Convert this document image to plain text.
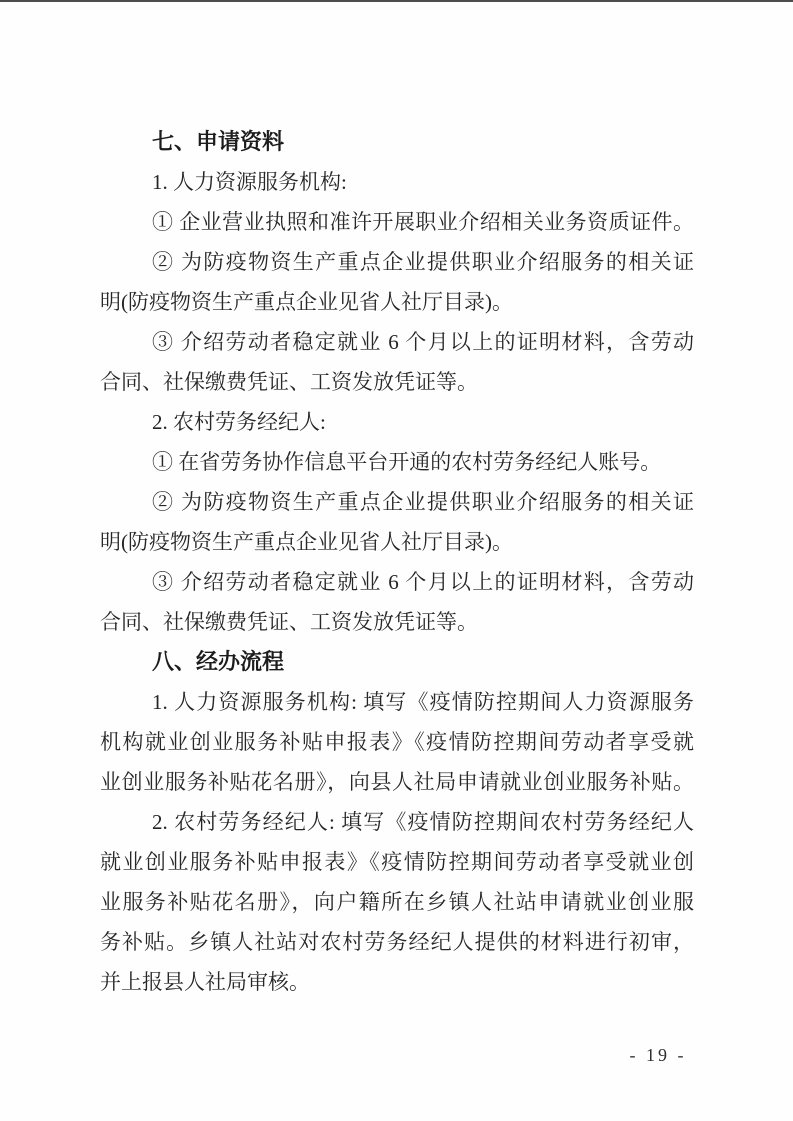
七、申请资料
1. 人力资源服务机构:
① 企业营业执照和准许开展职业介绍相关业务资质证件。
② 为防疫物资生产重点企业提供职业介绍服务的相关证
明(防疫物资生产重点企业见省人社厅目录)。
③ 介绍劳动者稳定就业 6 个月以上的证明材料，含劳动
合同、社保缴费凭证、工资发放凭证等。
2. 农村劳务经纪人:
① 在省劳务协作信息平台开通的农村劳务经纪人账号。
② 为防疫物资生产重点企业提供职业介绍服务的相关证
明(防疫物资生产重点企业见省人社厅目录)。
③ 介绍劳动者稳定就业 6 个月以上的证明材料，含劳动
合同、社保缴费凭证、工资发放凭证等。
八、经办流程
1. 人力资源服务机构: 填写《疫情防控期间人力资源服务
机构就业创业服务补贴申报表》《疫情防控期间劳动者享受就
业创业服务补贴花名册》，向县人社局申请就业创业服务补贴。
2. 农村劳务经纪人: 填写《疫情防控期间农村劳务经纪人
就业创业服务补贴申报表》《疫情防控期间劳动者享受就业创
业服务补贴花名册》，向户籍所在乡镇人社站申请就业创业服
务补贴。乡镇人社站对农村劳务经纪人提供的材料进行初审，
并上报县人社局审核。
- 19 -
